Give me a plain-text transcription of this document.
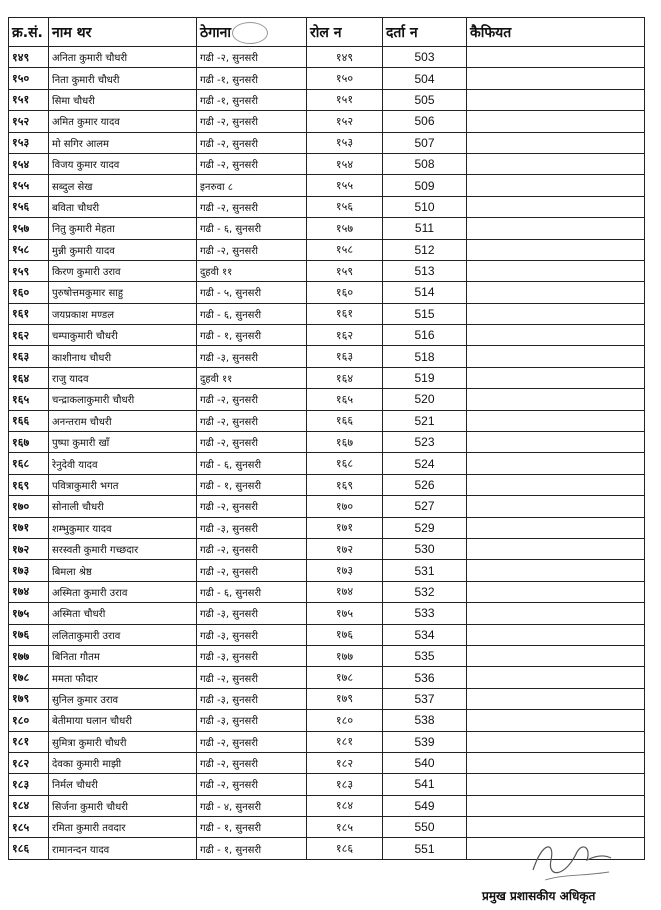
क्र.सं.	नाम थर	ठेगाना	रोल न	दर्ता न	कैफियत
१४९	अनिता कुमारी चौधरी	गढी -२, सुनसरी	१४९	503	
१५०	निता कुमारी चौधरी	गढी -१, सुनसरी	१५०	504	
१५१	सिमा चौधरी	गढी -१, सुनसरी	१५१	505	
१५२	अमित कुमार यादव	गढी -२, सुनसरी	१५२	506	
१५३	मो सगिर आलम	गढी -२, सुनसरी	१५३	507	
१५४	विजय कुमार यादव	गढी -२, सुनसरी	१५४	508	
१५५	सब्दुल सेख	इनरुवा ८	१५५	509	
१५६	बविता चौधरी	गढी -२, सुनसरी	१५६	510	
१५७	नितु कुमारी मेहता	गढी - ६, सुनसरी	१५७	511	
१५८	मुन्नी कुमारी यादव	गढी -२, सुनसरी	१५८	512	
१५९	किरण कुमारी उराव	दुहवी ११	१५९	513	
१६०	पुरुषोत्तमकुमार साहु	गढी - ५, सुनसरी	१६०	514	
१६१	जयप्रकाश मण्डल	गढी - ६, सुनसरी	१६१	515	
१६२	चम्पाकुमारी चौधरी	गढी - १, सुनसरी	१६२	516	
१६३	काशीनाथ चौधरी	गढी -३, सुनसरी	१६३	518	
१६४	राजु यादव	दुहवी ११	१६४	519	
१६५	चन्द्राकलाकुमारी चौधरी	गढी -२, सुनसरी	१६५	520	
१६६	अनन्तराम चौधरी	गढी -२, सुनसरी	१६६	521	
१६७	पुष्पा कुमारी खाँ	गढी -२, सुनसरी	१६७	523	
१६८	रेनुदेवी यादव	गढी - ६, सुनसरी	१६८	524	
१६९	पवित्राकुमारी भगत	गढी - १, सुनसरी	१६९	526	
१७०	सोनाली चौधरी	गढी -२, सुनसरी	१७०	527	
१७१	शम्भुकुमार यादव	गढी -३, सुनसरी	१७१	529	
१७२	सरस्वती कुमारी गच्छदार	गढी -२, सुनसरी	१७२	530	
१७३	बिमला श्रेष्ठ	गढी -२, सुनसरी	१७३	531	
१७४	अस्मिता कुमारी उराव	गढी - ६, सुनसरी	१७४	532	
१७५	अस्मिता चौधरी	गढी -३, सुनसरी	१७५	533	
१७६	ललिताकुमारी उराव	गढी -३, सुनसरी	१७६	534	
१७७	बिनिता गौतम	गढी -३, सुनसरी	१७७	535	
१७८	ममता फौदार	गढी -२, सुनसरी	१७८	536	
१७९	सुनिल कुमार उराव	गढी -३, सुनसरी	१७९	537	
१८०	बेतीमाया घलान चौधरी	गढी -३, सुनसरी	१८०	538	
१८१	सुमित्रा कुमारी चौधरी	गढी -२, सुनसरी	१८१	539	
१८२	देवका कुमारी माझी	गढी -२, सुनसरी	१८२	540	
१८३	निर्मल चौधरी	गढी -२, सुनसरी	१८३	541	
१८४	सिर्जना कुमारी चौधरी	गढी - ४, सुनसरी	१८४	549	
१८५	रमिता कुमारी तवदार	गढी - १, सुनसरी	१८५	550	
१८६	रामानन्दन यादव	गढी - १, सुनसरी	१८६	551	
प्रमुख प्रशासकीय अधिकृत
